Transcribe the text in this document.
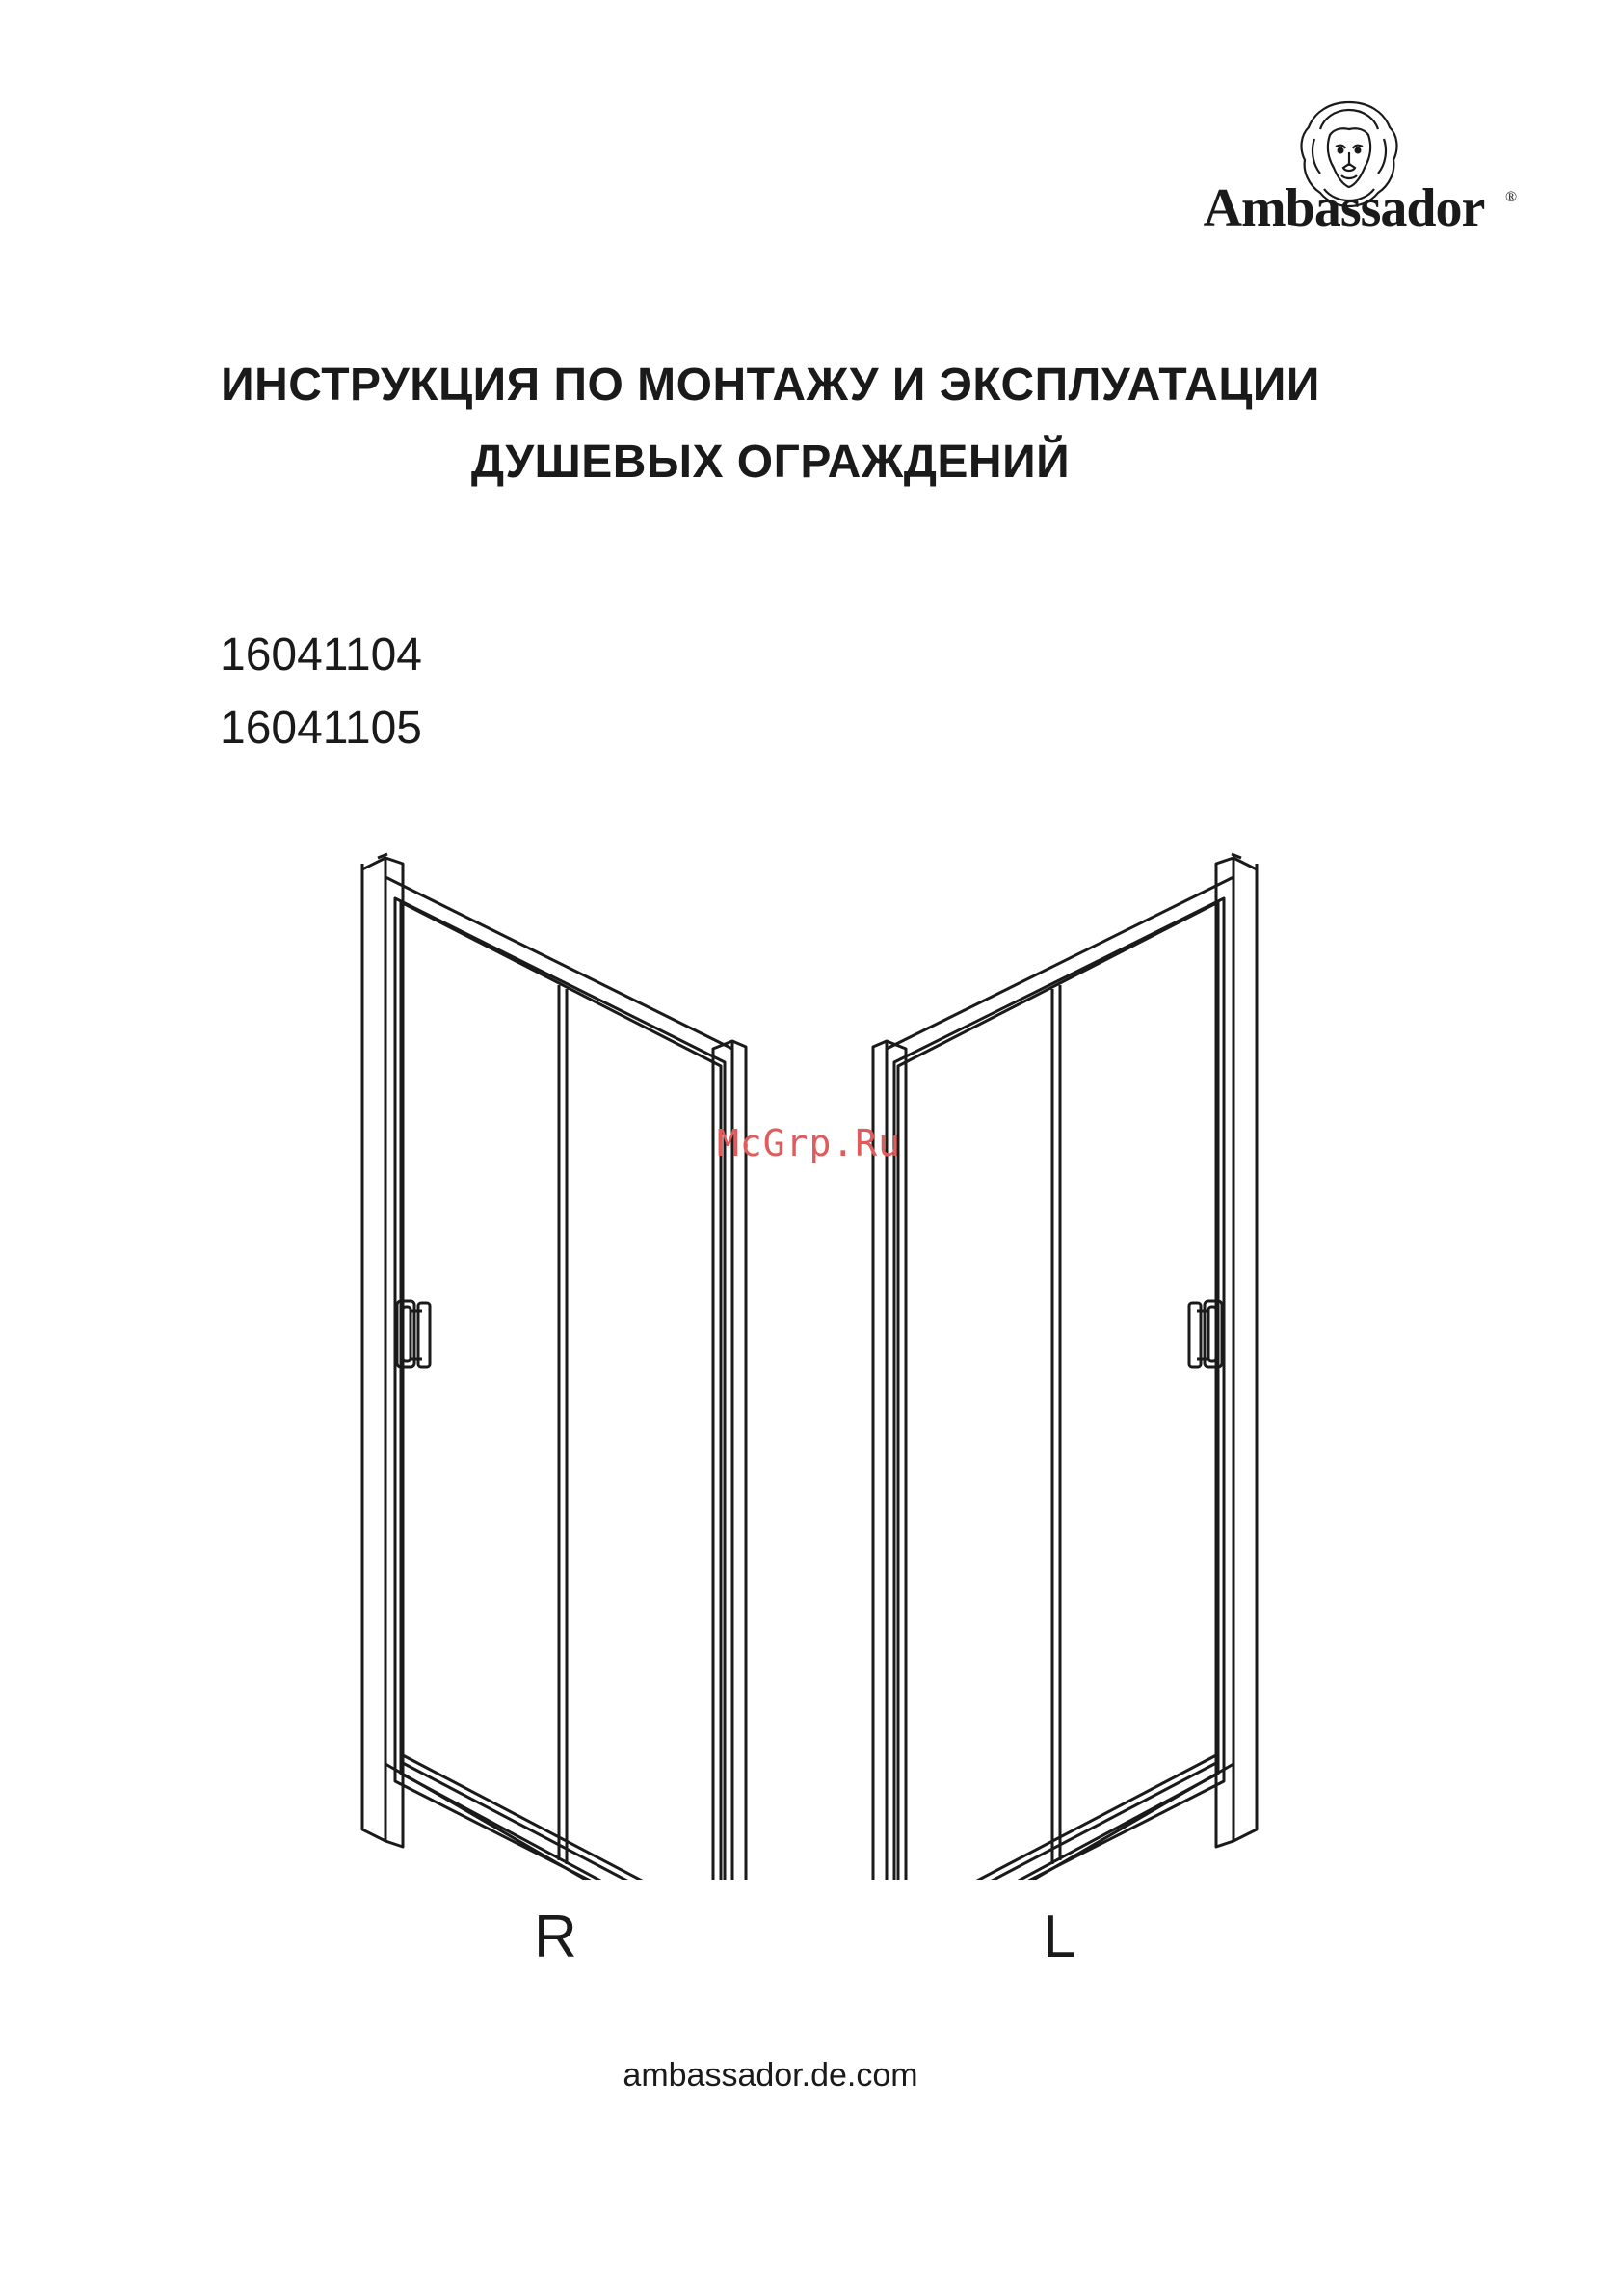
Ambassador	®
ИНСТРУКЦИЯ ПО МОНТАЖУ И ЭКСПЛУАТАЦИИ
ДУШЕВЫХ ОГРАЖДЕНИЙ
16041104
16041105
McGrp.Ru
R	L
ambassador.de.com
